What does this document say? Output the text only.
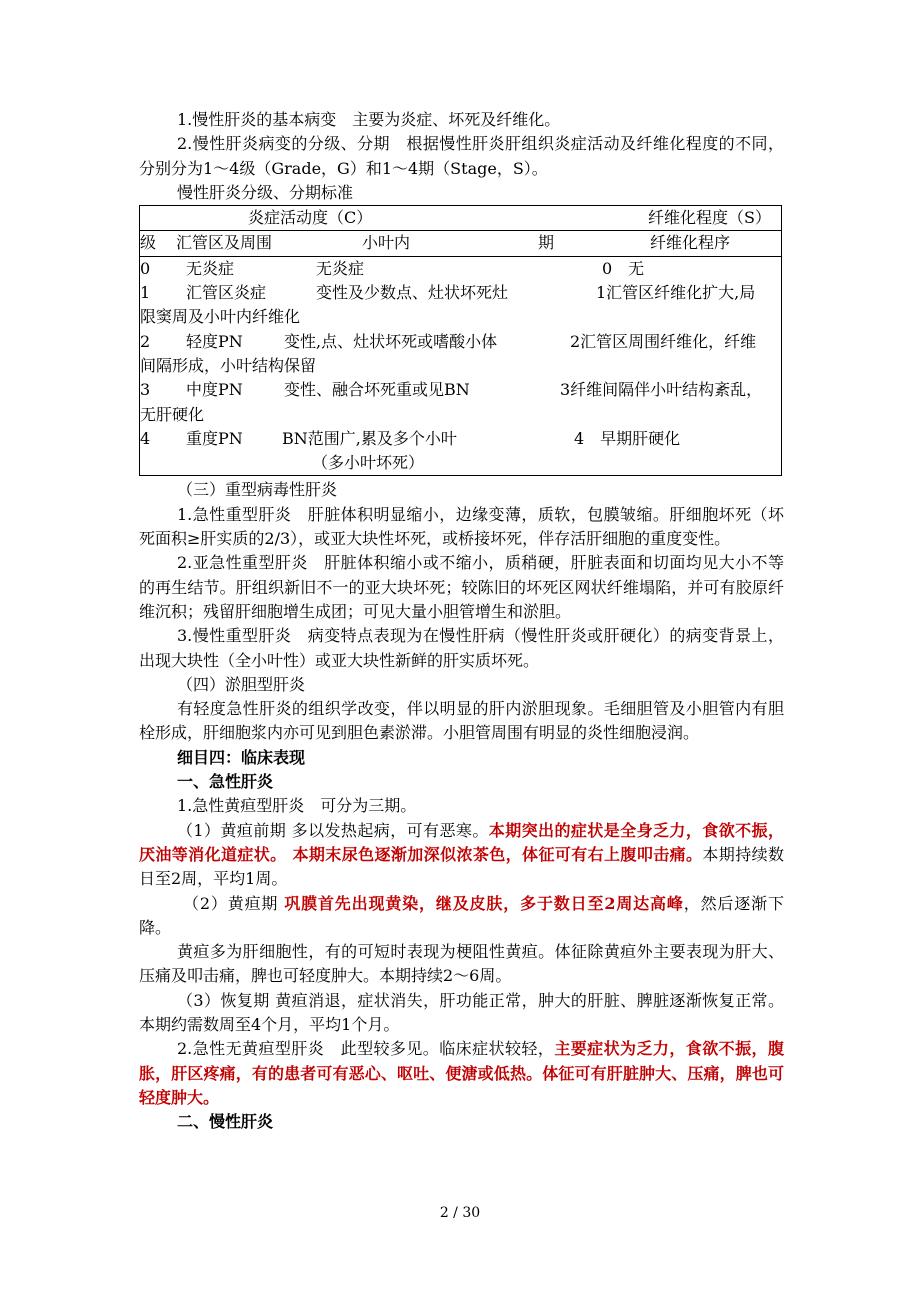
1.慢性肝炎的基本病变　主要为炎症、坏死及纤维化。

2.慢性肝炎病变的分级、分期　根据慢性肝炎肝组织炎症活动及纤维化程度的不同，分别分为1～4级（Grade，G）和1～4期（Stage，S）。

慢性肝炎分级、分期标准

炎症活动度（C）	纤维化程度（S）
级 汇管区及周围	小叶内	期	纤维化程序
0 无炎症	无炎症	0　无
1 汇管区炎症	变性及少数点、灶状坏死灶	1汇管区纤维化扩大,局
限窦周及小叶内纤维化
2 轻度PN	变性,点、灶状坏死或嗜酸小体	2汇管区周围纤维化，纤维
间隔形成，小叶结构保留
3 中度PN	变性、融合坏死重或见BN	3纤维间隔伴小叶结构紊乱，
无肝硬化
4 重度PN BN范围广,累及多个小叶	4　早期肝硬化
（多小叶坏死）

（三）重型病毒性肝炎

1.急性重型肝炎　肝脏体积明显缩小，边缘变薄，质软，包膜皱缩。肝细胞坏死（坏死面积≥肝实质的2/3），或亚大块性坏死，或桥接坏死，伴存活肝细胞的重度变性。

2.亚急性重型肝炎　肝脏体积缩小或不缩小，质稍硬，肝脏表面和切面均见大小不等的再生结节。肝组织新旧不一的亚大块坏死；较陈旧的坏死区网状纤维塌陷，并可有胶原纤维沉积；残留肝细胞增生成团；可见大量小胆管增生和淤胆。

3.慢性重型肝炎　病变特点表现为在慢性肝病（慢性肝炎或肝硬化）的病变背景上，出现大块性（全小叶性）或亚大块性新鲜的肝实质坏死。

（四）淤胆型肝炎

有轻度急性肝炎的组织学改变，伴以明显的肝内淤胆现象。毛细胆管及小胆管内有胆栓形成，肝细胞浆内亦可见到胆色素淤滞。小胆管周围有明显的炎性细胞浸润。

细目四：临床表现

一、急性肝炎

1.急性黄疸型肝炎　可分为三期。

（1）黄疸前期 多以发热起病，可有恶寒。本期突出的症状是全身乏力，食欲不振，厌油等消化道症状。 本期末尿色逐渐加深似浓茶色，体征可有右上腹叩击痛。本期持续数日至2周，平均1周。

（2）黄疸期 巩膜首先出现黄染，继及皮肤，多于数日至2周达高峰，然后逐渐下降。

黄疸多为肝细胞性，有的可短时表现为梗阻性黄疸。体征除黄疸外主要表现为肝大、压痛及叩击痛，脾也可轻度肿大。本期持续2～6周。

（3）恢复期 黄疸消退，症状消失，肝功能正常，肿大的肝脏、脾脏逐渐恢复正常。本期约需数周至4个月，平均1个月。

2.急性无黄疸型肝炎　此型较多见。临床症状较轻，主要症状为乏力，食欲不振，腹胀，肝区疼痛，有的患者可有恶心、呕吐、便溏或低热。体征可有肝脏肿大、压痛，脾也可轻度肿大。

二、慢性肝炎

2 / 30
